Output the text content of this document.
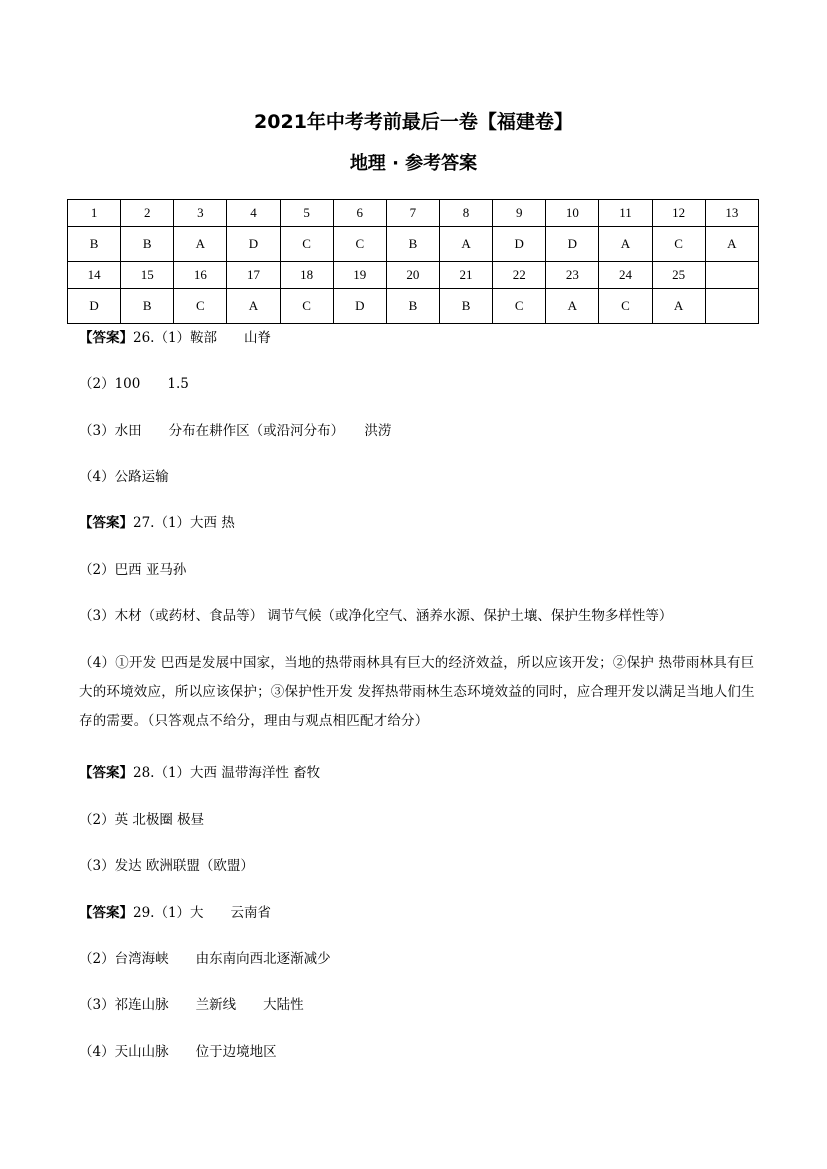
2021年中考考前最后一卷【福建卷】
地理 · 参考答案
1	2	3	4	5	6	7	8	9	10	11	12	13
B	B	A	D	C	C	B	A	D	D	A	C	A
14	15	16	17	18	19	20	21	22	23	24	25	
D	B	C	A	C	D	B	B	C	A	C	A	
【答案】26.（1）鞍部　　山脊
（2）100　　1.5
（3）水田　　分布在耕作区（或沿河分布）　　洪涝
（4）公路运输
【答案】27.（1）大西 热
（2）巴西 亚马孙
（3）木材（或药材、食品等） 调节气候（或净化空气、涵养水源、保护土壤、保护生物多样性等）
（4）①开发 巴西是发展中国家，当地的热带雨林具有巨大的经济效益，所以应该开发；②保护 热带雨林具有巨大的环境效应，所以应该保护；③保护性开发 发挥热带雨林生态环境效益的同时，应合理开发以满足当地人们生存的需要。（只答观点不给分，理由与观点相匹配才给分）
【答案】28.（1）大西 温带海洋性 畜牧
（2）英 北极圈 极昼
（3）发达 欧洲联盟（欧盟）
【答案】29.（1）大　　云南省
（2）台湾海峡　　由东南向西北逐渐减少
（3）祁连山脉　　兰新线　　大陆性
（4）天山山脉　　位于边境地区
